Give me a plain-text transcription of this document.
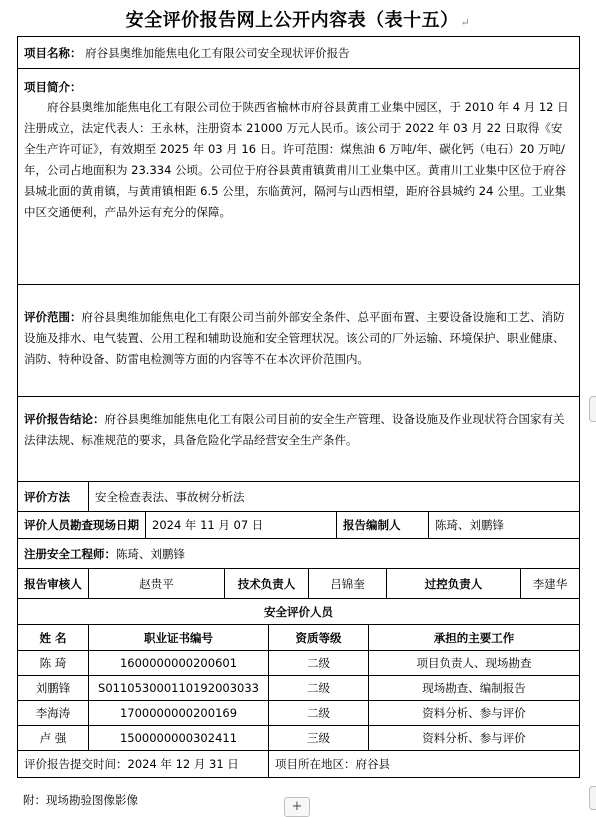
安全评价报告网上公开内容表（表十五） ↵
项目名称： 府谷县奥维加能焦电化工有限公司安全现状评价报告										

项目简介：
府谷县奥维加能焦电化工有限公司位于陕西省榆林市府谷县黄甫工业集中园区，于 2010 年 4 月 12 日注册成立，法定代表人：王永林，注册资本 21000 万元人民币。该公司于 2022 年 03 月 22 日取得《安全生产许可证》，有效期至 2025 年 03 月 16 日。许可范围：煤焦油 6 万吨/年、碳化钙（电石）20 万吨/年，公司占地面积为 23.334 公顷。公司位于府谷县黄甫镇黄甫川工业集中区。黄甫川工业集中区位于府谷县城北面的黄甫镇，与黄甫镇相距 6.5 公里，东临黄河，隔河与山西相望，距府谷县城约 24 公里。工业集中区交通便利，产品外运有充分的保障。										

评价范围：府谷县奥维加能焦电化工有限公司当前外部安全条件、总平面布置、主要设备设施和工艺、消防设施及排水、电气装置、公用工程和辅助设施和安全管理状况。该公司的厂外运输、环境保护、职业健康、消防、特种设备、防雷电检测等方面的内容等不在本次评价范围内。										

评价报告结论：府谷县奥维加能焦电化工有限公司目前的安全生产管理、设备设施及作业现状符合国家有关法律法规、标准规范的要求，具备危险化学品经营安全生产条件。										

评价方法	安全检查表法、事故树分析法									
评价人员勘查现场日期		2024 年 11 月 07 日				报告编制人			陈琦、刘鹏锋	
注册安全工程师：陈琦、刘鹏锋										
报告审核人	赵贵平		技术负责人		吕锦奎			过控负责人		李建华
安全评价人员										
姓 名	职业证书编号			资质等级			承担的主要工作			
陈 琦	1600000000200601			二级			项目负责人、现场勘查			
刘鹏锋	S011053000110192003033			二级			现场勘查、编制报告			
李海涛	1700000000200169			二级			资料分析、参与评价			
卢 强	1500000000302411			三级			资料分析、参与评价			
评价报告提交时间：2024 年 12 月 31 日				项目所在地区：府谷县						
附：现场勘验图像影像	+
